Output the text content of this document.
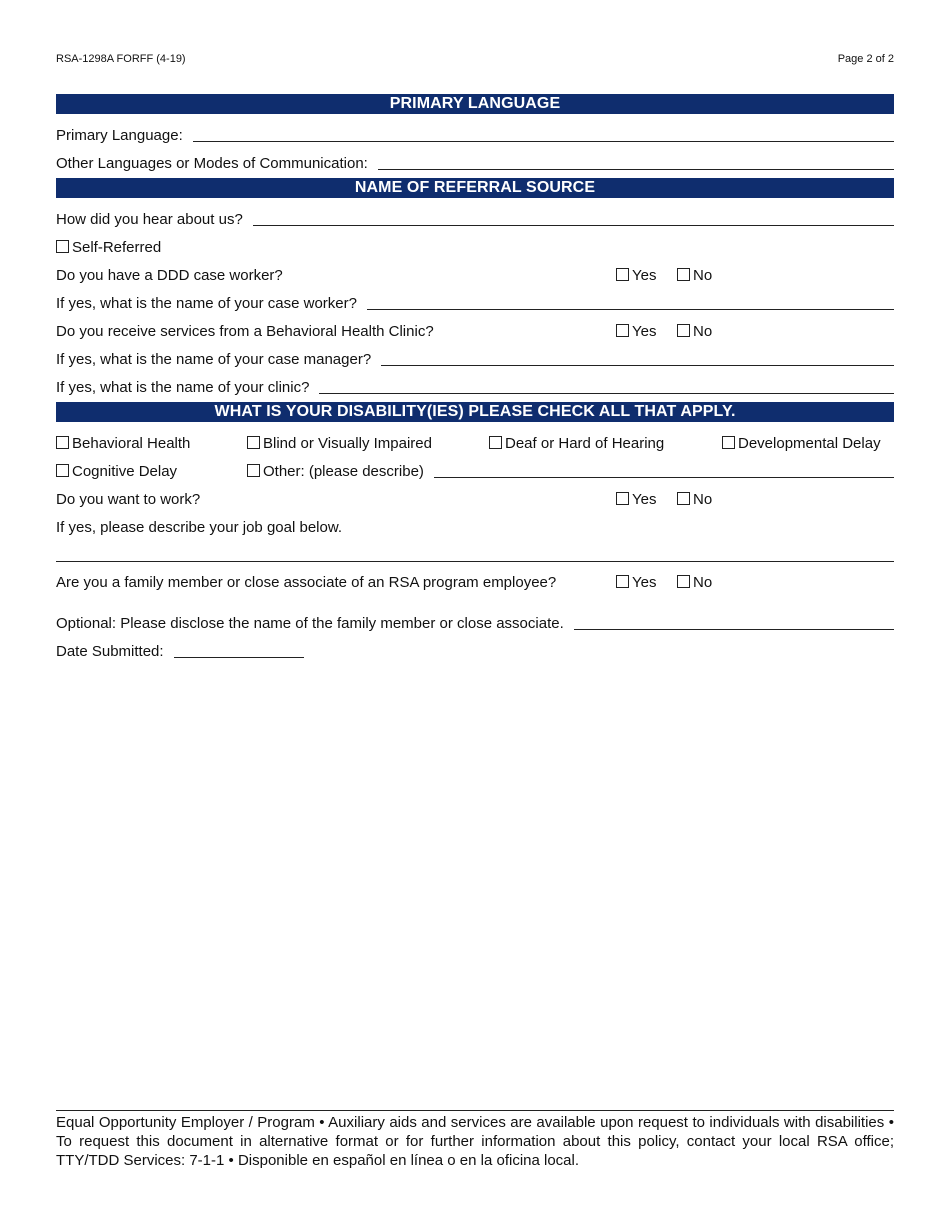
RSA-1298A FORFF (4-19)	Page 2 of 2
PRIMARY LANGUAGE
Primary Language:
Other Languages or Modes of Communication:
NAME OF REFERRAL SOURCE
How did you hear about us?
Self-Referred
Do you have a DDD case worker?	Yes	No
If yes, what is the name of your case worker?
Do you receive services from a Behavioral Health Clinic?	Yes	No
If yes, what is the name of your case manager?
If yes, what is the name of your clinic?
WHAT IS YOUR DISABILITY(IES) PLEASE CHECK ALL THAT APPLY.
Behavioral Health	Blind or Visually Impaired	Deaf or Hard of Hearing	Developmental Delay
Cognitive Delay	Other: (please describe)
Do you want to work?	Yes	No
If yes, please describe your job goal below.
Are you a family member or close associate of an RSA program employee?	Yes	No
Optional: Please disclose the name of the family member or close associate.
Date Submitted:
Equal Opportunity Employer / Program • Auxiliary aids and services are available upon request to individuals with disabilities • To request this document in alternative format or for further information about this policy, contact your local RSA office; TTY/TDD Services: 7-1-1 • Disponible en español en línea o en la oficina local.
